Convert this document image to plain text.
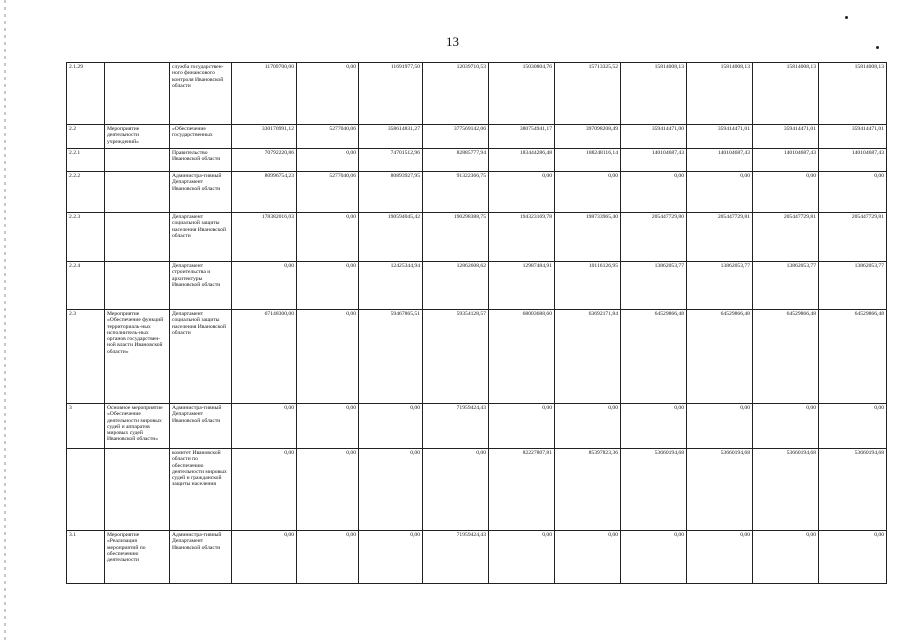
13
2.1.29		служба государствен-ного финансового контроля Ивановской области	11709700,00	0,00	11691977,50	12039710,53	15030804,76	15713325,52	15814008,13	15814008,13	15814008,13	15814008,13
2.2	Мероприятие деятельности учреждений»	«Обеспечение государственных	330170991,12	5277040,06	358614831,27	377569142,06	380754941,17	397098208,49	359414471,00	359414471,01	359414471,01	359414471,01
2.2.1		Правительство Ивановской области	70792220,86	0,00	74701512,96	82885777,94	183444286,48	188248116,14	140104687,43	140104687,43	140104687,43	140104687,43
2.2.2		Администра-тивный Департамент Ивановской области	80996754,23	5277040,06	80893927,95	91322366,75	0,00	0,00	0,00	0,00	0,00	0,00
2.2.3		Департамент социальной защиты населения Ивановской области	178382016,03	0,00	190594045,42	190298388,75	194323169,78	198733965,40	205447729,80	205447729,81	205447729,81	205447729,81
2.2.4		Департамент строительства и архитектуры Ивановской области	0,00	0,00	12425344,94	12862608,62	12987484,91	10116126,95	13862053,77	13862053,77	13862053,77	13862053,77
2.3	Мероприятие «Обеспечение функций территориаль-ных исполнитель-ных органов государствен-ной власти Ивановской области»	Департамент социальной защиты населения Ивановской области	67148300,00	0,00	59467865,51	59354128,57	68003688,60	63692171,84	64529866,48	64529866,48	64529866,48	64529866,48
3	Основное мероприятие «Обеспечение деятельности мировых судей и аппаратов мировых судей Ивановской области»	Администра-тивный Департамент Ивановской области	0,00	0,00	0,00	71959424,43	0,00	0,00	0,00	0,00	0,00	0,00
		комитет Ивановской области по обеспечению деятельности мировых судей и гражданской защиты населения	0,00	0,00	0,00	0,00	82227807,81	85397823,36	53660194,68	53660194,68	53660194,68	53660194,68
3.1	Мероприятие «Реализация мероприятий по обеспечению деятельности	Администра-тивный Департамент Ивановской области	0,00	0,00	0,00	71959424,43	0,00	0,00	0,00	0,00	0,00	0,00
